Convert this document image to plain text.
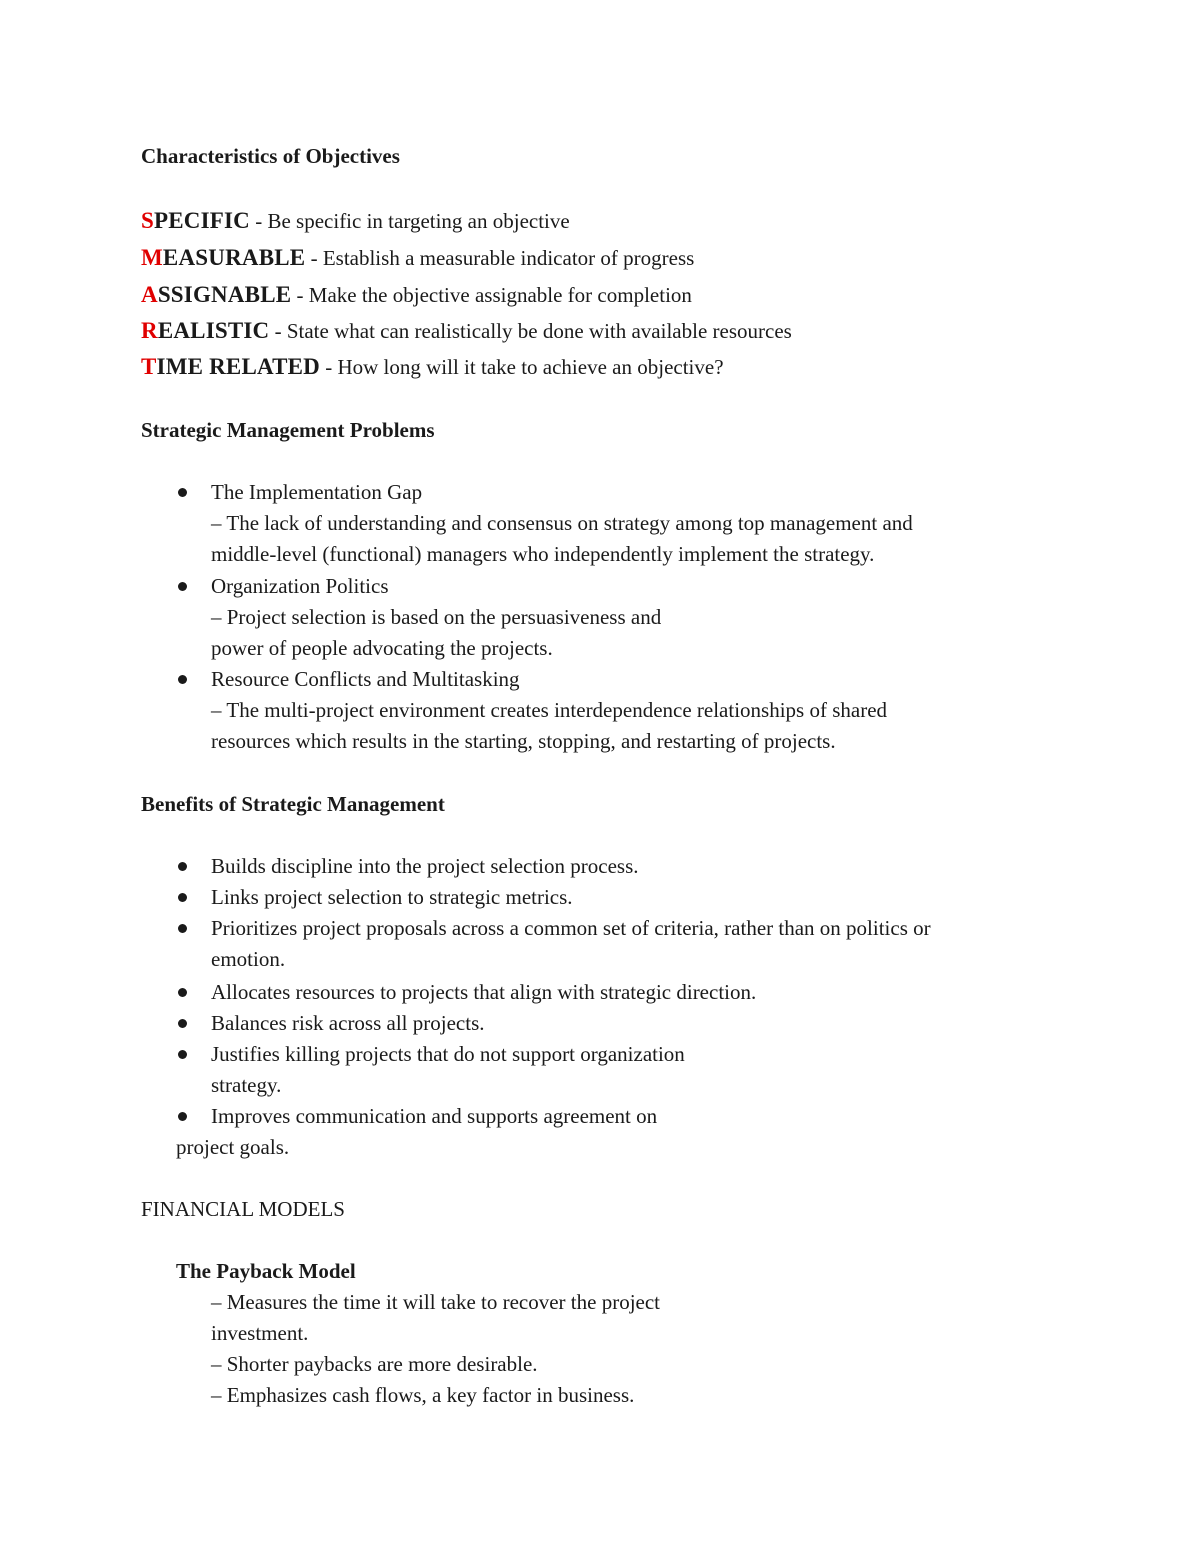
Characteristics of Objectives
SPECIFIC - Be specific in targeting an objective
MEASURABLE - Establish a measurable indicator of progress
ASSIGNABLE - Make the objective assignable for completion
REALISTIC - State what can realistically be done with available resources
TIME RELATED - How long will it take to achieve an objective?
Strategic Management Problems
The Implementation Gap
– The lack of understanding and consensus on strategy among top management and
middle-level (functional) managers who independently implement the strategy.
Organization Politics
– Project selection is based on the persuasiveness and
power of people advocating the projects.
Resource Conflicts and Multitasking
– The multi-project environment creates interdependence relationships of shared
resources which results in the starting, stopping, and restarting of projects.
Benefits of Strategic Management
Builds discipline into the project selection process.
Links project selection to strategic metrics.
Prioritizes project proposals across a common set of criteria, rather than on politics or
emotion.
Allocates resources to projects that align with strategic direction.
Balances risk across all projects.
Justifies killing projects that do not support organization
strategy.
Improves communication and supports agreement on
project goals.
FINANCIAL MODELS
The Payback Model
– Measures the time it will take to recover the project
investment.
– Shorter paybacks are more desirable.
– Emphasizes cash flows, a key factor in business.
